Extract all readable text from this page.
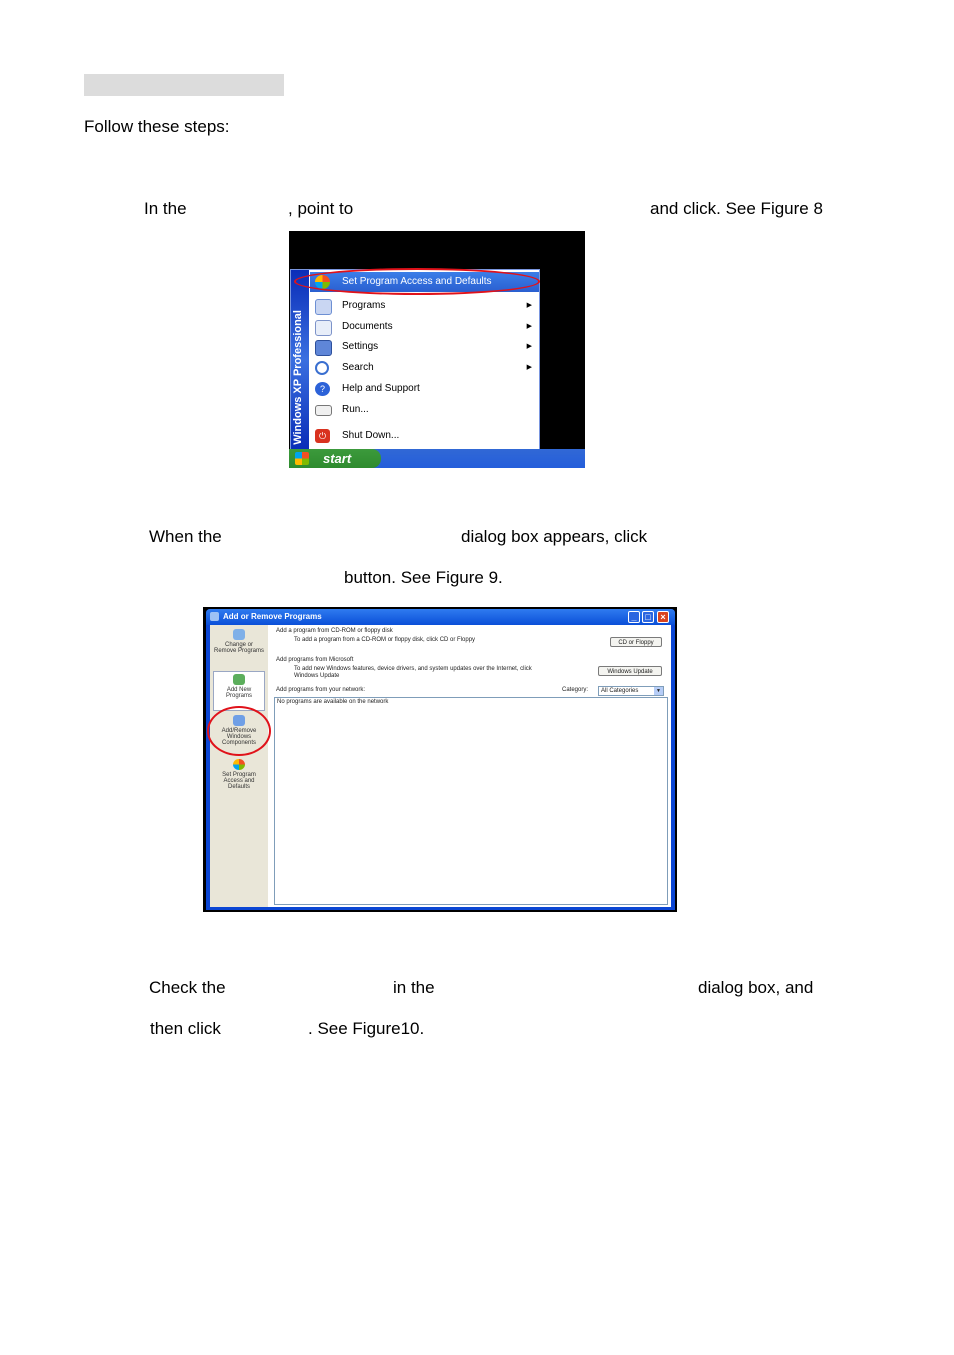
Follow these steps:
In the	, point to	and click. See Figure 8
Windows XP Professional
Set Program Access and Defaults
Programs	▶
Documents	▶
Settings	▶
Search	▶
?	Help and Support
Run...
⏻	Shut Down...
start
When the	dialog box appears, click
button. See Figure 9.
Add or Remove Programs	_ □	×
Change or Remove Programs
Add New Programs
Add/Remove Windows Components
Set Program Access and Defaults
Add a program from CD-ROM or floppy disk
To add a program from a CD-ROM or floppy disk, click CD or Floppy	CD or Floppy
Add programs from Microsoft
To add new Windows features, device drivers, and system updates over the Internet, click
Windows Update
Windows Update
Add programs from your network:	Category:	All Categories	▼
No programs are available on the network
Check the	in the	dialog box, and
then click	. See Figure10.
